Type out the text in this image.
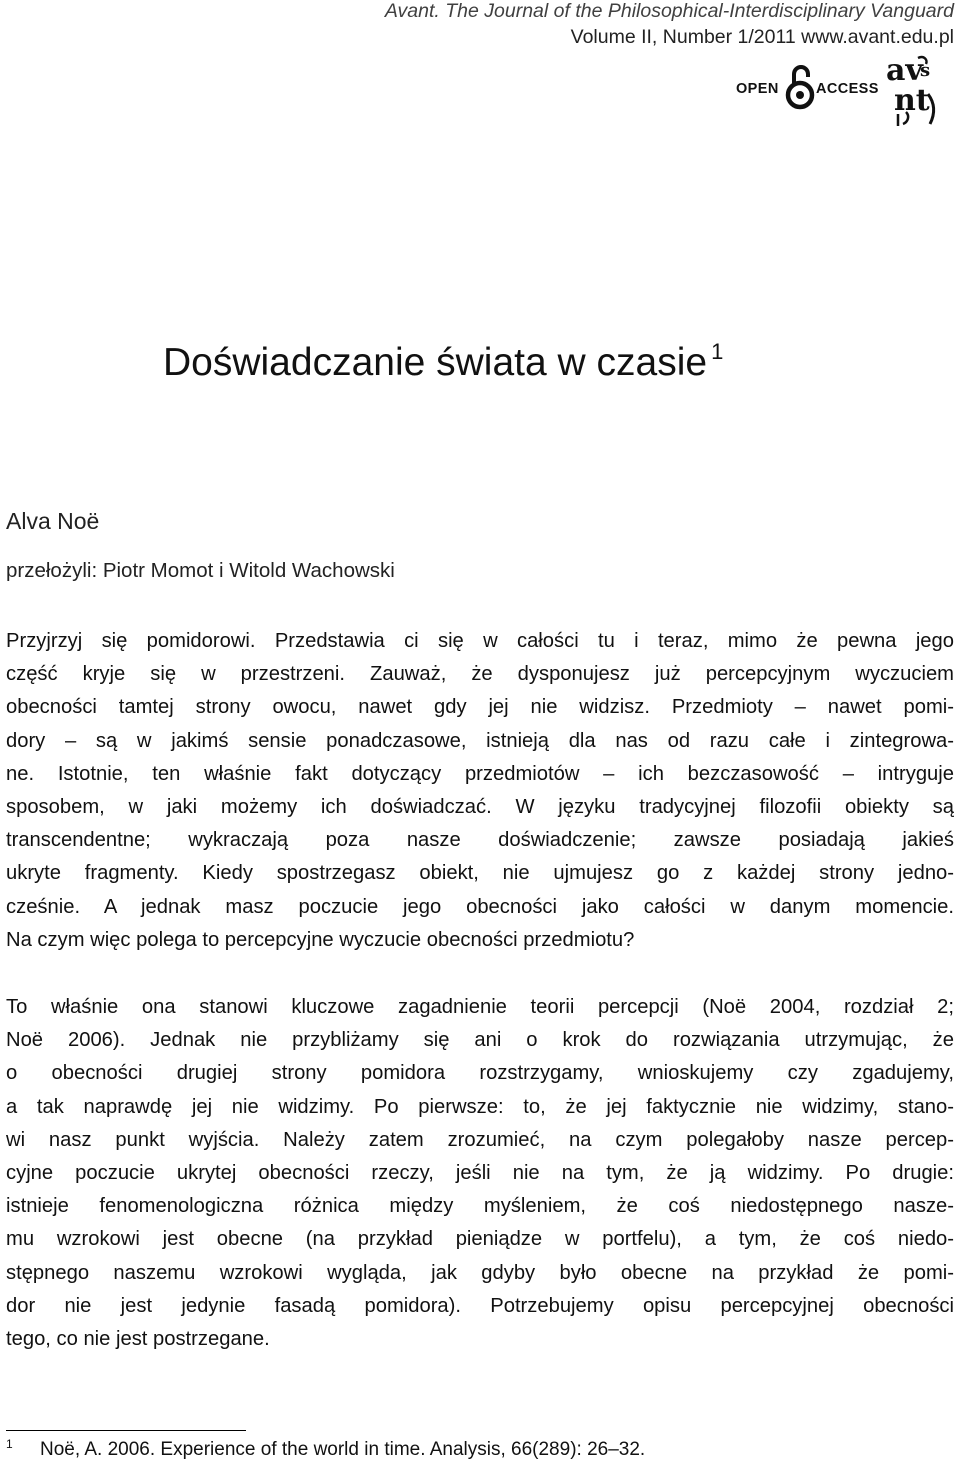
Avant. The Journal of the Philosophical-Interdisciplinary Vanguard
Volume II, Number 1/2011 www.avant.edu.pl
OPEN	ACCESS
av
s
nt
Doświadczanie świata w czasie $^1$
Alva Noë
przełożyli: Piotr Momot i Witold Wachowski
Przyjrzyj się pomidorowi. Przedstawia ci się w całości tu i teraz, mimo że pewna jego
część kryje się w przestrzeni. Zauważ, że dysponujesz już percepcyjnym wyczuciem
obecności tamtej strony owocu, nawet gdy jej nie widzisz. Przedmioty – nawet pomi-
dory – są w jakimś sensie ponadczasowe, istnieją dla nas od razu całe i zintegrowa-
ne. Istotnie, ten właśnie fakt dotyczący przedmiotów – ich bezczasowość – intryguje
sposobem, w jaki możemy ich doświadczać. W języku tradycyjnej filozofii obiekty są
transcendentne; wykraczają poza nasze doświadczenie; zawsze posiadają jakieś
ukryte fragmenty. Kiedy spostrzegasz obiekt, nie ujmujesz go z każdej strony jedno-
cześnie. A jednak masz poczucie jego obecności jako całości w danym momencie.
Na czym więc polega to percepcyjne wyczucie obecności przedmiotu?
To właśnie ona stanowi kluczowe zagadnienie teorii percepcji (Noë 2004, rozdział 2;
Noë 2006). Jednak nie przybliżamy się ani o krok do rozwiązania utrzymując, że
o obecności drugiej strony pomidora rozstrzygamy, wnioskujemy czy zgadujemy,
a tak naprawdę jej nie widzimy. Po pierwsze: to, że jej faktycznie nie widzimy, stano-
wi nasz punkt wyjścia. Należy zatem zrozumieć, na czym polegałoby nasze percep-
cyjne poczucie ukrytej obecności rzeczy, jeśli nie na tym, że ją widzimy. Po drugie:
istnieje fenomenologiczna różnica między myśleniem, że coś niedostępnego nasze-
mu wzrokowi jest obecne (na przykład pieniądze w portfelu), a tym, że coś niedo-
stępnego naszemu wzrokowi wygląda, jak gdyby było obecne na przykład że pomi-
dor nie jest jedynie fasadą pomidora). Potrzebujemy opisu percepcyjnej obecności
tego, co nie jest postrzegane.
1 Noë, A. 2006. Experience of the world in time. Analysis, 66(289): 26–32.
